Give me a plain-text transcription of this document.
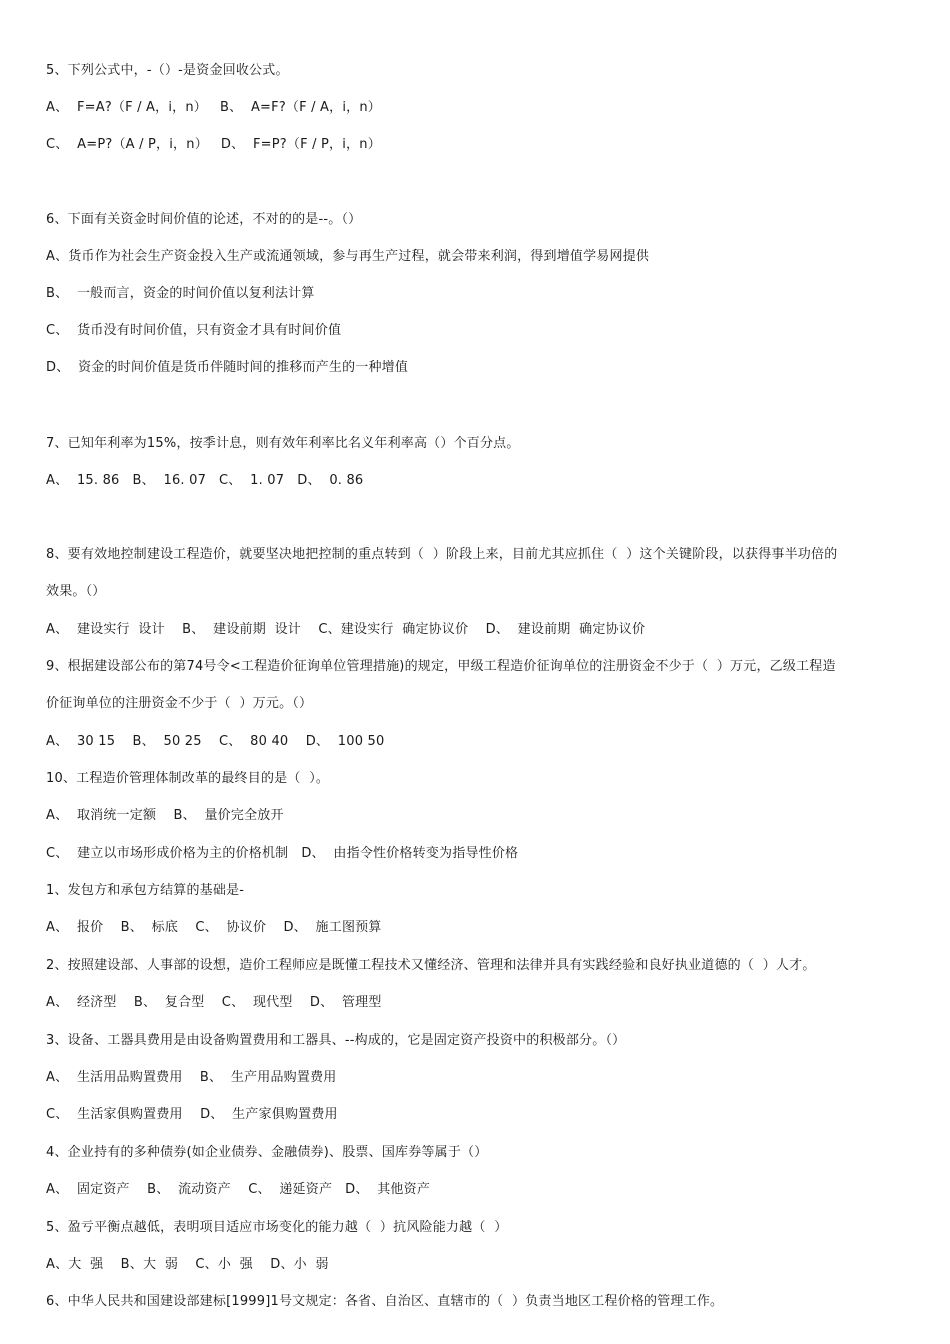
5、下列公式中，-（）-是资金回收公式。
A、  F=A?（F / A，i，n）   B、  A=F?（F / A，i，n）
C、  A=P?（A / P，i，n）   D、  F=P?（F / P，i，n）
6、下面有关资金时间价值的论述，不对的的是--。（）
A、货币作为社会生产资金投入生产或流通领域，参与再生产过程，就会带来利润，得到增值学易网提供
B、  一般而言，资金的时间价值以复利法计算
C、  货币没有时间价值，只有资金才具有时间价值
D、  资金的时间价值是货币伴随时间的推移而产生的一种增值
7、已知年利率为15%，按季计息，则有效年利率比名义年利率高（）个百分点。
A、  15. 86   B、  16. 07   C、  1. 07   D、  0. 86
8、要有效地控制建设工程造价，就要坚决地把控制的重点转到（  ）阶段上来，目前尤其应抓住（  ）这个关键阶段，以获得事半功倍的
效果。（）
A、  建设实行  设计    B、  建设前期  设计    C、建设实行  确定协议价    D、  建设前期  确定协议价
9、根据建设部公布的第74号令<工程造价征询单位管理措施)的规定，甲级工程造价征询单位的注册资金不少于（  ）万元，乙级工程造
价征询单位的注册资金不少于（  ）万元。（）
A、  30 15    B、  50 25    C、  80 40    D、  100 50
10、工程造价管理体制改革的最终目的是（  ）。
A、  取消统一定额    B、  量价完全放开
C、  建立以市场形成价格为主的价格机制   D、  由指令性价格转变为指导性价格
1、发包方和承包方结算的基础是-
A、  报价    B、  标底    C、  协议价    D、  施工图预算
2、按照建设部、人事部的设想，造价工程师应是既懂工程技术又懂经济、管理和法律并具有实践经验和良好执业道德的（  ）人才。
A、  经济型    B、  复合型    C、  现代型    D、  管理型
3、设备、工器具费用是由设备购置费用和工器具、--构成的，它是固定资产投资中的积极部分。（）
A、  生活用品购置费用    B、  生产用品购置费用
C、  生活家俱购置费用    D、  生产家俱购置费用
4、企业持有的多种债券(如企业债券、金融债券)、股票、国库券等属于（）
A、  固定资产    B、  流动资产    C、  递延资产   D、  其他资产
5、盈亏平衡点越低，表明项目适应市场变化的能力越（  ）抗风险能力越（  ）
A、大  强    B、大  弱    C、小  强    D、小  弱
6、中华人民共和国建设部建标[1999]1号文规定：各省、自治区、直辖市的（  ）负责当地区工程价格的管理工作。
